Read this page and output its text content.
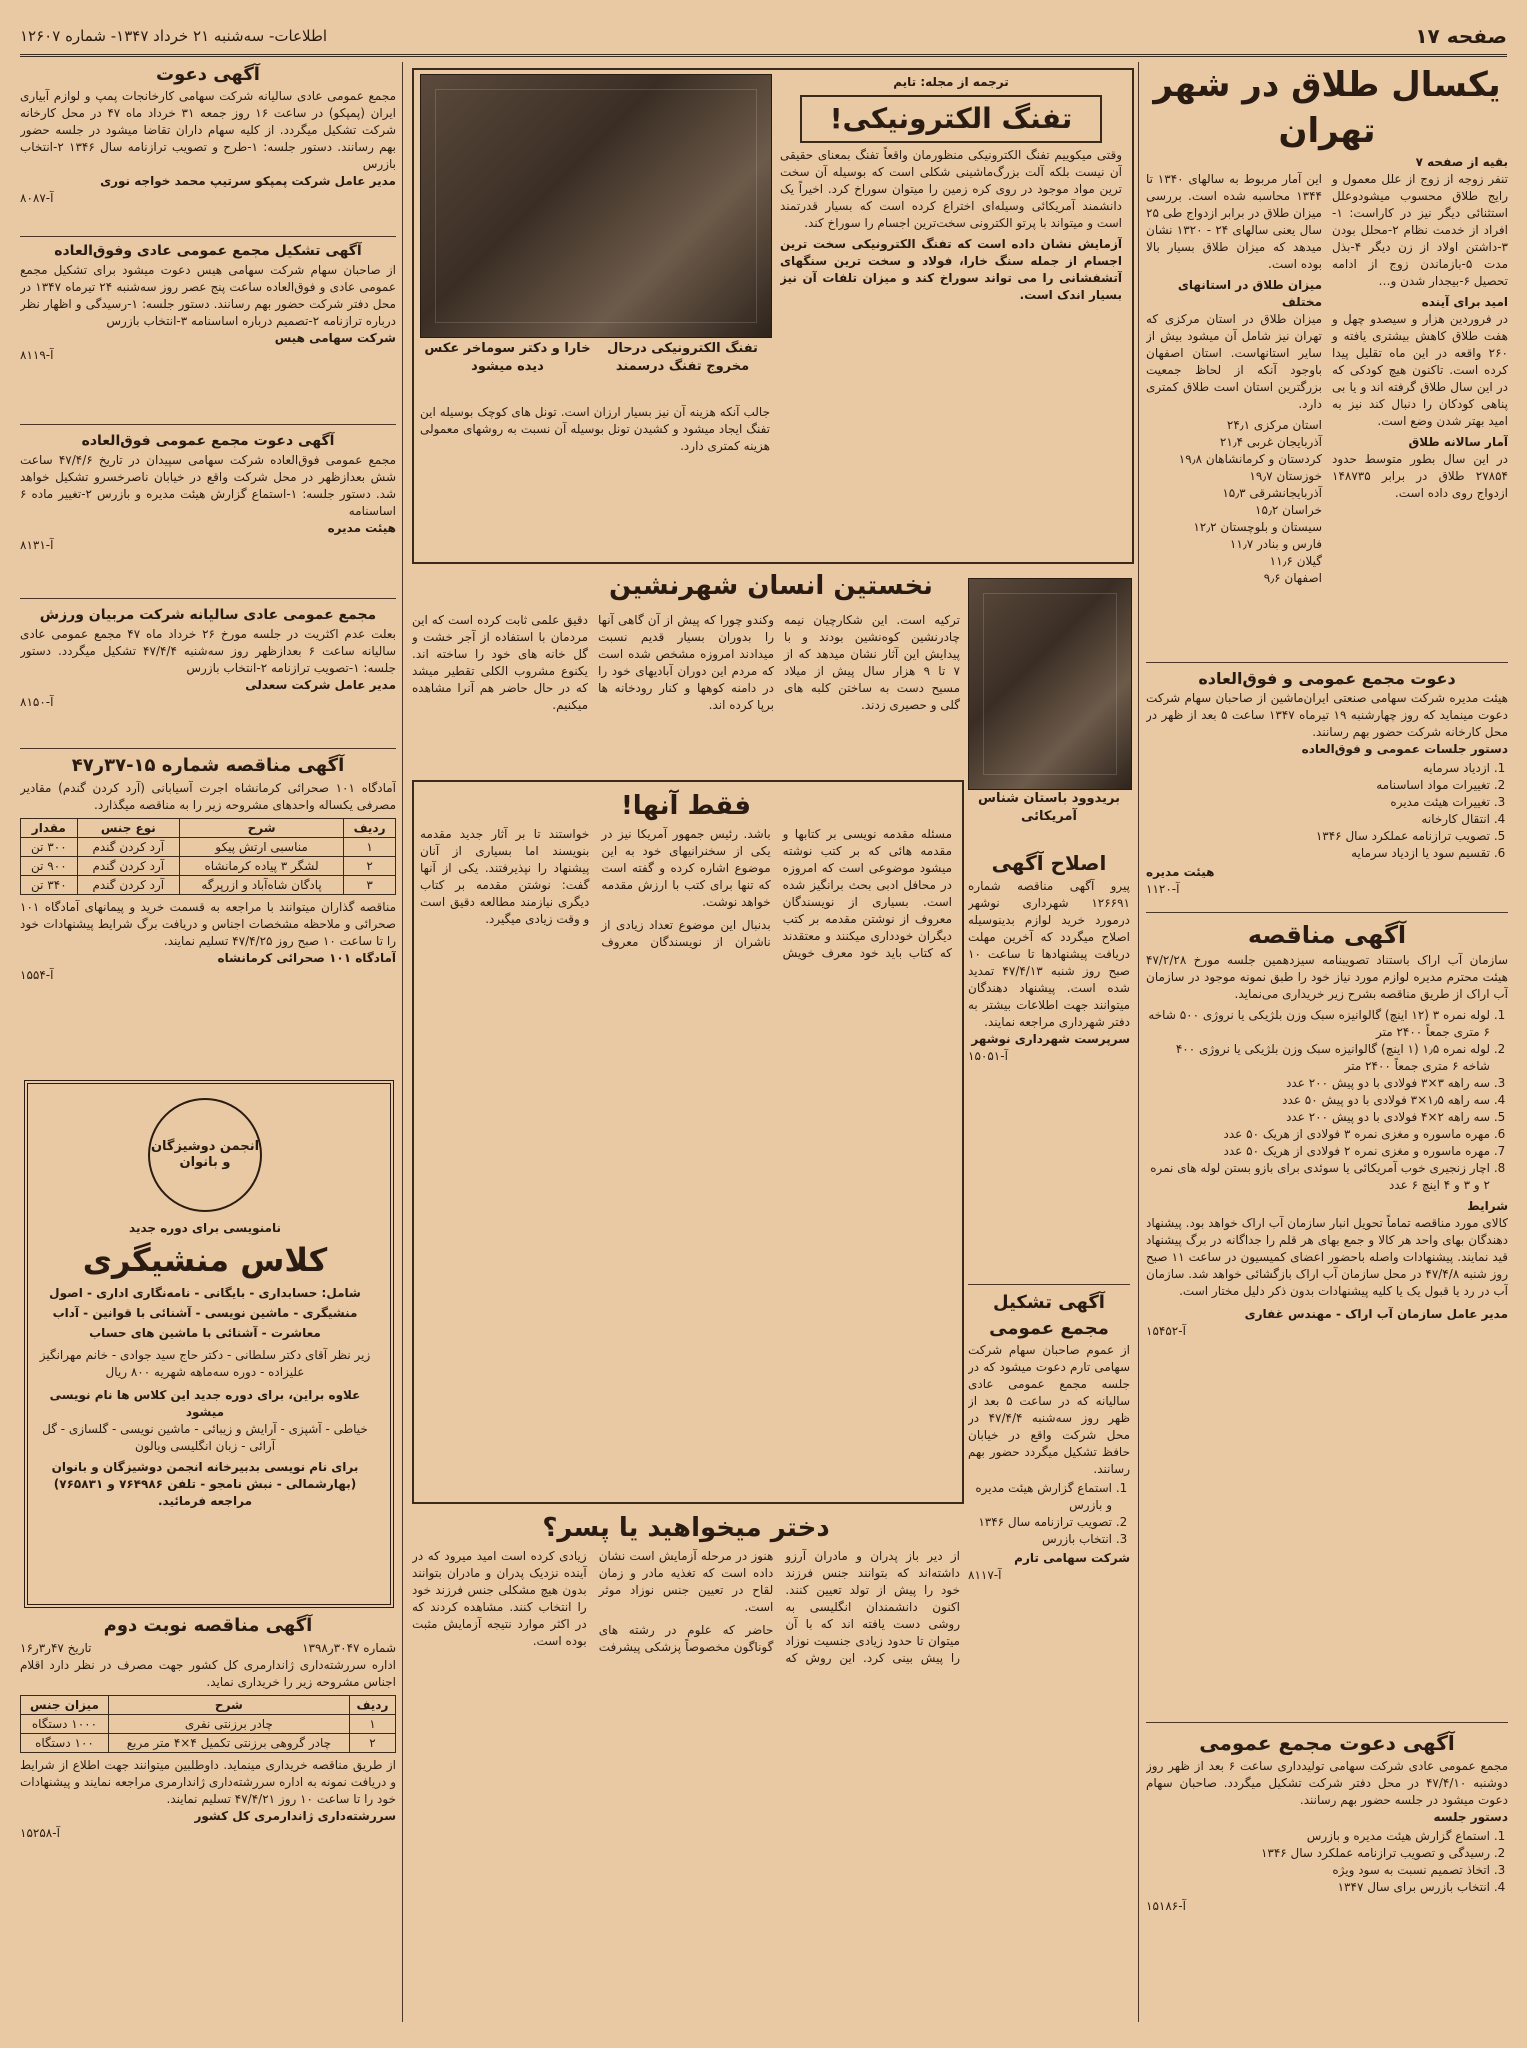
صفحه ۱۷
اطلاعات- سه‌شنبه ۲۱ خرداد ۱۳۴۷- شماره ۱۲۶۰۷
یکسال طلاق در شهر تهران
بقیه از صفحه ۷
تنفر زوجه از زوج از علل معمول و رایج طلاق محسوب میشودوعلل استثنائی دیگر نیز در کاراست: ۱-افراد از خدمت نظام ۲-محلل بودن ۳-داشتن اولاد از زن دیگر ۴-بذل مدت ۵-بازماندن زوج از ادامه تحصیل ۶-بیجدار شدن و…
امید برای آینده
در فروردین هزار و سیصدو چهل و هفت طلاق کاهش بیشتری یافته و ۲۶۰ واقعه در این ماه تقلیل پیدا کرده است. تاکنون هیچ کودکی که در این سال طلاق گرفته اند و یا بی پناهی کودکان را دنبال کند نیز به امید بهتر شدن وضع است.
آمار سالانه طلاق
در این سال بطور متوسط حدود ۲۷۸۵۴ طلاق در برابر ۱۴۸۷۳۵ ازدواج روی داده است.
این آمار مربوط به سالهای ۱۳۴۰ تا ۱۳۴۴ محاسبه شده است. بررسی میزان طلاق در برابر ازدواج طی ۲۵ سال یعنی سالهای ۲۴ - ۱۳۲۰ نشان میدهد که میزان طلاق بسیار بالا بوده است.
میزان طلاق در استانهای مختلف
میزان طلاق در استان مرکزی که تهران نیز شامل آن میشود بیش از سایر استانهاست. استان اصفهان باوجود آنکه از لحاظ جمعیت بزرگترین استان است طلاق کمتری دارد.
استان مرکزی ۲۴٫۱
آذربایجان غربی ۲۱٫۴
کردستان و کرمانشاهان ۱۹٫۸
خوزستان ۱۹٫۷
آذربایجانشرقی ۱۵٫۳
خراسان ۱۵٫۲
سیستان و بلوچستان ۱۲٫۲
فارس و بنادر ۱۱٫۷
گیلان ۱۱٫۶
اصفهان ۹٫۶
دعوت مجمع عمومی و فوق‌العاده
هیئت مدیره شرکت سهامی صنعتی ایران‌ماشین از صاحبان سهام شرکت دعوت مینماید که روز چهارشنبه ۱۹ تیرماه ۱۳۴۷ ساعت ۵ بعد از ظهر در محل کارخانه شرکت حضور بهم رسانند.
دستور جلسات عمومی و فوق‌العاده
1. ازدیاد سرمایه
2. تغییرات مواد اساسنامه
3. تغییرات هیئت مدیره
4. انتقال کارخانه
5. تصویب ترازنامه عملکرد سال ۱۳۴۶
6. تقسیم سود یا ازدیاد سرمایه
هیئت مدیره
آ-۱۱۲۰
آگهی مناقصه
سازمان آب اراک باستناد تصویبنامه سیزدهمین جلسه مورخ ۴۷/۲/۲۸ هیئت محترم مدیره لوازم مورد نیاز خود را طبق نمونه موجود در سازمان آب اراک از طریق مناقصه بشرح زیر خریداری می‌نماید.
1. لوله نمره ۳ (۱۲ اینچ) گالوانیزه سبک وزن بلژیکی یا نروژی ۵۰۰ شاخه ۶ متری جمعاً ۲۴۰۰ متر
2. لوله نمره ۱٫۵ (۱ اینچ) گالوانیزه سبک وزن بلژیکی یا نروژی ۴۰۰ شاخه ۶ متری جمعاً ۲۴۰۰ متر
3. سه راهه ۳×۳ فولادی با دو پیش ۲۰۰ عدد
4. سه راهه ۱٫۵×۳ فولادی با دو پیش ۵۰ عدد
5. سه راهه ۲×۴ فولادی با دو پیش ۲۰۰ عدد
6. مهره ماسوره و مغزی نمره ۳ فولادی از هریک ۵۰ عدد
7. مهره ماسوره و مغزی نمره ۲ فولادی از هریک ۵۰ عدد
8. اچار زنجیری خوب آمریکائی یا سوئدی برای بازو بستن لوله های نمره ۲ و ۳ و ۴ اینچ ۶ عدد
شرایط
کالای مورد مناقصه تماماً تحویل انبار سازمان آب اراک خواهد بود. پیشنهاد دهندگان بهای واحد هر کالا و جمع بهای هر قلم را جداگانه در برگ پیشنهاد قید نمایند. پیشنهادات واصله باحضور اعضای کمیسیون در ساعت ۱۱ صبح روز شنبه ۴۷/۴/۸ در محل سازمان آب اراک بازگشائی خواهد شد. سازمان آب در رد یا قبول یک یا کلیه پیشنهادات بدون ذکر دلیل مختار است.
مدیر عامل سازمان آب اراک - مهندس غفاری
آ-۱۵۴۵۲
آگهی دعوت مجمع عمومی
مجمع عمومی عادی شرکت سهامی تولیدداری ساعت ۶ بعد از ظهر روز دوشنبه ۴۷/۴/۱۰ در محل دفتر شرکت تشکیل میگردد. صاحبان سهام دعوت میشود در جلسه حضور بهم رسانند.
دستور جلسه
1. استماع گزارش هیئت مدیره و بازرس
2. رسیدگی و تصویب ترازنامه عملکرد سال ۱۳۴۶
3. اتخاذ تصمیم نسبت به سود ویژه
4. انتخاب بازرس برای سال ۱۳۴۷
آ-۱۵۱۸۶
ترجمه از مجله: تایم
تفنگ الکترونیکی!
وقتی میکوییم تفنگ الکترونیکی منظورمان واقعاً تفنگ بمعنای حقیقی آن نیست بلکه آلت بزرگ‌ماشینی شکلی است که بوسیله آن سخت ترین مواد موجود در روی کره زمین را میتوان سوراخ کرد. اخیراً یک دانشمند آمریکائی وسیله‌ای اختراع کرده است که بسیار قدرتمند است و میتواند با پرتو الکترونی سخت‌ترین اجسام را سوراخ کند.
آزمایش نشان داده است که تفنگ الکترونیکی سخت ترین اجسام از جمله سنگ خارا، فولاد و سخت ترین سنگهای آتشفشانی را می تواند سوراخ کند و میزان تلفات آن نیز بسیار اندک است.
تفنگ الکترونیکی درحال مخروج تفنگ درسمند
خارا و دکتر سوماخر عکس دیده میشود
جالب آنکه هزینه آن نیز بسیار ارزان است. تونل های کوچک بوسیله این تفنگ ایجاد میشود و کشیدن تونل بوسیله آن نسبت به روشهای معمولی هزینه کمتری دارد.
نخستین انسان شهرنشین
بریدوود باستان شناس آمریکائی
ترکیه است. این شکارچیان نیمه چادرنشین کوه‌نشین بودند و با پیدایش این آثار نشان میدهد که از ۷ تا ۹ هزار سال پیش از میلاد مسیح دست به ساختن کلبه های گلی و حصیری زدند.
وکندو چورا که پیش از آن گاهی آنها را بدوران بسیار قدیم نسبت میدادند امروزه مشخص شده است که مردم این دوران آبادیهای خود را در دامنه کوهها و کنار رودخانه ها برپا کرده اند.
دقیق علمی ثابت کرده است که این مردمان با استفاده از آجر خشت و گل خانه های خود را ساخته اند. یکنوع مشروب الکلی تقطیر میشد که در حال حاضر هم آنرا مشاهده میکنیم.
فقط آنها!
مسئله مقدمه نویسی بر کتابها و مقدمه هائی که بر کتب نوشته میشود موضوعی است که امروزه در محافل ادبی بحث برانگیز شده است. بسیاری از نویسندگان معروف از نوشتن مقدمه بر کتب دیگران خودداری میکنند و معتقدند که کتاب باید خود معرف خویش باشد. رئیس جمهور آمریکا نیز در یکی از سخنرانیهای خود به این موضوع اشاره کرده و گفته است که تنها برای کتب با ارزش مقدمه خواهد نوشت.
بدنبال این موضوع تعداد زیادی از ناشران از نویسندگان معروف خواستند تا بر آثار جدید مقدمه بنویسند اما بسیاری از آنان پیشنهاد را نپذیرفتند. یکی از آنها گفت: نوشتن مقدمه بر کتاب دیگری نیازمند مطالعه دقیق است و وقت زیادی میگیرد.
اصلاح آگهی
پیرو آگهی مناقصه شماره ۱۲۶۶۹۱ شهرداری نوشهر درمورد خرید لوازم بدینوسیله اصلاح میگردد که آخرین مهلت دریافت پیشنهادها تا ساعت ۱۰ صبح روز شنبه ۴۷/۴/۱۳ تمدید شده است. پیشنهاد دهندگان میتوانند جهت اطلاعات بیشتر به دفتر شهرداری مراجعه نمایند.
سرپرست شهرداری نوشهر
آ-۱۵۰۵۱
آگهی تشکیل مجمع عمومی
از عموم صاحبان سهام شرکت سهامی تارم دعوت میشود که در جلسه مجمع عمومی عادی سالیانه که در ساعت ۵ بعد از ظهر روز سه‌شنبه ۴۷/۴/۴ در محل شرکت واقع در خیابان حافظ تشکیل میگردد حضور بهم رسانند.
1. استماع گزارش هیئت مدیره و بازرس
2. تصویب ترازنامه سال ۱۳۴۶
3. انتخاب بازرس
شرکت سهامی تارم
آ-۸۱۱۷
دختر میخواهید یا پسر؟
از دیر باز پدران و مادران آرزو داشته‌اند که بتوانند جنس فرزند خود را پیش از تولد تعیین کنند. اکنون دانشمندان انگلیسی به روشی دست یافته اند که با آن میتوان تا حدود زیادی جنسیت نوزاد را پیش بینی کرد. این روش که هنوز در مرحله آزمایش است نشان داده است که تغذیه مادر و زمان لقاح در تعیین جنس نوزاد موثر است.
حاضر که علوم در رشته های گوناگون مخصوصاً پزشکی پیشرفت زیادی کرده است امید میرود که در آینده نزدیک پدران و مادران بتوانند بدون هیچ مشکلی جنس فرزند خود را انتخاب کنند. مشاهده کردند که در اکثر موارد نتیجه آزمایش مثبت بوده است.
آگهی دعوت
مجمع عمومی عادی سالیانه شرکت سهامی کارخانجات پمپ و لوازم آبیاری ایران (پمپکو) در ساعت ۱۶ روز جمعه ۳۱ خرداد ماه ۴۷ در محل کارخانه شرکت تشکیل میگردد. از کلیه سهام داران تقاضا میشود در جلسه حضور بهم رسانند. دستور جلسه: ۱-طرح و تصویب ترازنامه سال ۱۳۴۶ ۲-انتخاب بازرس
مدیر عامل شرکت پمپکو سرتیپ محمد خواجه نوری
آ-۸۰۸۷
آگهی تشکیل مجمع عمومی عادی وفوق‌العاده
از صاحبان سهام شرکت سهامی هیس دعوت میشود برای تشکیل مجمع عمومی عادی و فوق‌العاده ساعت پنج عصر روز سه‌شنبه ۲۴ تیرماه ۱۳۴۷ در محل دفتر شرکت حضور بهم رسانند. دستور جلسه: ۱-رسیدگی و اظهار نظر درباره ترازنامه ۲-تصمیم درباره اساسنامه ۳-انتخاب بازرس
شرکت سهامی هیس
آ-۸۱۱۹
آگهی دعوت مجمع عمومی فوق‌العاده
مجمع عمومی فوق‌العاده شرکت سهامی سپیدان در تاریخ ۴۷/۴/۶ ساعت شش بعدازظهر در محل شرکت واقع در خیابان ناصرخسرو تشکیل خواهد شد. دستور جلسه: ۱-استماع گزارش هیئت مدیره و بازرس ۲-تغییر ماده ۶ اساسنامه
هیئت مدیره
آ-۸۱۳۱
مجمع عمومی عادی سالیانه شرکت مربیان ورزش
بعلت عدم اکثریت در جلسه مورخ ۲۶ خرداد ماه ۴۷ مجمع عمومی عادی سالیانه ساعت ۶ بعدازظهر روز سه‌شنبه ۴۷/۴/۴ تشکیل میگردد. دستور جلسه: ۱-تصویب ترازنامه ۲-انتخاب بازرس
مدیر عامل شرکت سعدلی
آ-۸۱۵۰
آگهی مناقصه شماره ۱۵-۳۷ر۴۷
آمادگاه ۱۰۱ صحرائی کرمانشاه اجرت آسیابانی (آرد کردن گندم) مقادیر مصرفی یکساله واحدهای مشروحه زیر را به مناقصه میگذارد.
ردیف	شرح	نوع جنس	مقدار
۱	مناسبی ارتش پیکو	آرد کردن گندم	۳۰۰ تن
۲	لشگر ۳ پیاده کرمانشاه	آرد کردن گندم	۹۰۰ تن
۳	پادگان شاه‌آباد و ازرپرگه	آرد کردن گندم	۳۴۰ تن
مناقصه گذاران میتوانند با مراجعه به قسمت خرید و پیمانهای آمادگاه ۱۰۱ صحرائی و ملاحظه مشخصات اجناس و دریافت برگ شرایط پیشنهادات خود را تا ساعت ۱۰ صبح روز ۴۷/۴/۲۵ تسلیم نمایند.
آمادگاه ۱۰۱ صحرائی کرمانشاه
آ-۱۵۵۴
انجمن دوشیزگان و بانوان
نامنویسی برای دوره جدید
کلاس منشیگری
شامل: حسابداری - بایگانی - نامه‌نگاری اداری - اصول منشیگری - ماشین نویسی - آشنائی با قوانین - آداب معاشرت - آشنائی با ماشین های حساب
زیر نظر آقای دکتر سلطانی - دکتر حاج سید جوادی - خانم مهرانگیز علیزاده - دوره سه‌ماهه شهریه ۸۰۰ ریال
علاوه براین، برای دوره جدید این کلاس ها نام نویسی میشود
خیاطی - آشپزی - آرایش و زیبائی - ماشین نویسی - گلسازی - گل آرائی - زبان انگلیسی ویالون
برای نام نویسی بدبیرخانه انجمن دوشیزگان و بانوان (بهارشمالی - نبش نامجو - تلفن ۷۶۴۹۸۶ و ۷۶۵۸۳۱) مراجعه فرمائید.
آگهی مناقصه نوبت دوم
شماره ۳۰۴۷ر۱۳۹۸
تاریخ ۴۷ر۳ر۱۶
اداره سررشته‌داری ژاندارمری کل کشور جهت مصرف در نظر دارد اقلام اجناس مشروحه زیر را خریداری نماید.
ردیف	شرح	میزان جنس
۱	چادر برزنتی نفری	۱۰۰۰ دستگاه
۲	چادر گروهی برزنتی تکمیل ۴×۴ متر مربع	۱۰۰ دستگاه
از طریق مناقصه خریداری مینماید. داوطلبین میتوانند جهت اطلاع از شرایط و دریافت نمونه به اداره سررشته‌داری ژاندارمری مراجعه نمایند و پیشنهادات خود را تا ساعت ۱۰ روز ۴۷/۴/۲۱ تسلیم نمایند.
سررشته‌داری ژاندارمری کل کشور
آ-۱۵۲۵۸
